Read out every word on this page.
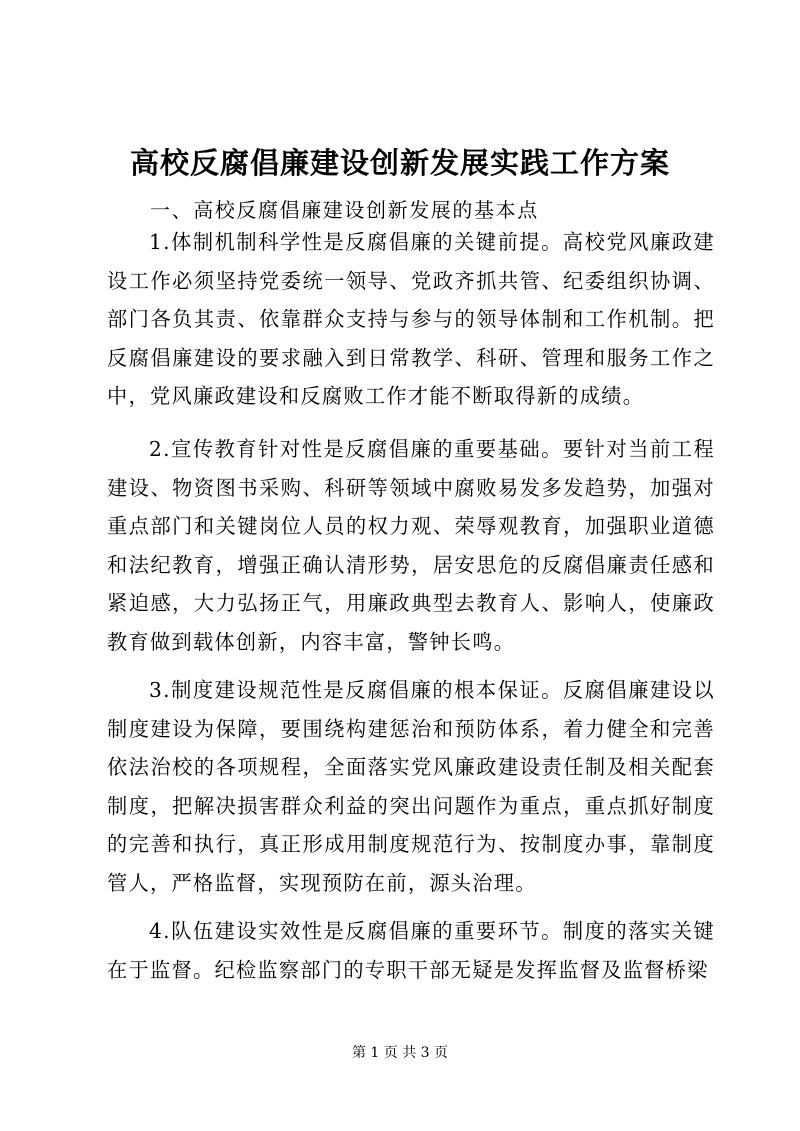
高校反腐倡廉建设创新发展实践工作方案
一、高校反腐倡廉建设创新发展的基本点

1.体制机制科学性是反腐倡廉的关键前提。高校党风廉政建设工作必须坚持党委统一领导、党政齐抓共管、纪委组织协调、部门各负其责、依靠群众支持与参与的领导体制和工作机制。把反腐倡廉建设的要求融入到日常教学、科研、管理和服务工作之中，党风廉政建设和反腐败工作才能不断取得新的成绩。

2.宣传教育针对性是反腐倡廉的重要基础。要针对当前工程建设、物资图书采购、科研等领域中腐败易发多发趋势，加强对重点部门和关键岗位人员的权力观、荣辱观教育，加强职业道德和法纪教育，增强正确认清形势，居安思危的反腐倡廉责任感和紧迫感，大力弘扬正气，用廉政典型去教育人、影响人，使廉政教育做到载体创新，内容丰富，警钟长鸣。

3.制度建设规范性是反腐倡廉的根本保证。反腐倡廉建设以制度建设为保障，要围绕构建惩治和预防体系，着力健全和完善依法治校的各项规程，全面落实党风廉政建设责任制及相关配套制度，把解决损害群众利益的突出问题作为重点，重点抓好制度的完善和执行，真正形成用制度规范行为、按制度办事，靠制度管人，严格监督，实现预防在前，源头治理。

4.队伍建设实效性是反腐倡廉的重要环节。制度的落实关键在于监督。纪检监察部门的专职干部无疑是发挥监督及监督桥梁

第 1 页 共 3 页
